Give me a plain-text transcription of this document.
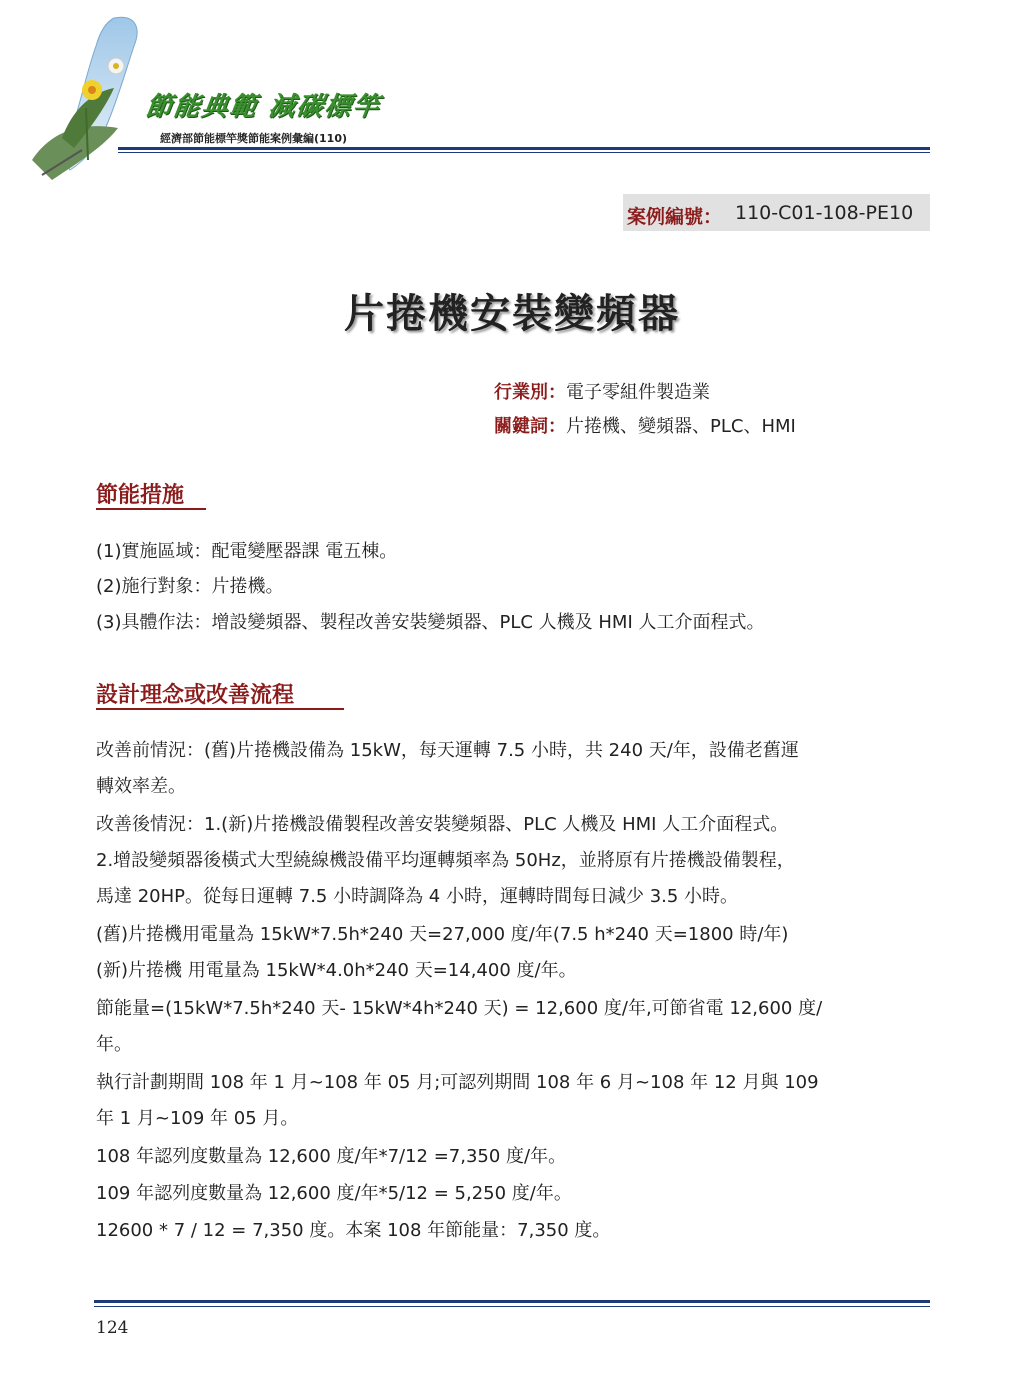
節能典範 減碳標竿
經濟部節能標竿獎節能案例彙編(110)
案例編號： 110-C01-108-PE10
片捲機安裝變頻器
行業別：電子零組件製造業
關鍵詞：片捲機、變頻器、PLC、HMI
節能措施
(1)實施區域：配電變壓器課 電五棟。
(2)施行對象：片捲機。
(3)具體作法：增設變頻器、製程改善安裝變頻器、PLC 人機及 HMI 人工介面程式。
設計理念或改善流程
改善前情況：(舊)片捲機設備為 15kW，每天運轉 7.5 小時，共 240 天/年，設備老舊運
轉效率差。
改善後情況：1.(新)片捲機設備製程改善安裝變頻器、PLC 人機及 HMI 人工介面程式。
2.增設變頻器後橫式大型繞線機設備平均運轉頻率為 50Hz，並將原有片捲機設備製程，
馬達 20HP。從每日運轉 7.5 小時調降為 4 小時，運轉時間每日減少 3.5 小時。
(舊)片捲機用電量為 15kW*7.5h*240 天=27,000 度/年(7.5 h*240 天=1800 時/年)
(新)片捲機 用電量為 15kW*4.0h*240 天=14,400 度/年。
節能量=(15kW*7.5h*240 天- 15kW*4h*240 天) = 12,600 度/年,可節省電 12,600 度/
年。
執行計劃期間 108 年 1 月~108 年 05 月;可認列期間 108 年 6 月~108 年 12 月與 109
年 1 月~109 年 05 月。
108 年認列度數量為 12,600 度/年*7/12 =7,350 度/年。
109 年認列度數量為 12,600 度/年*5/12 = 5,250 度/年。
12600 * 7 / 12 = 7,350 度。本案 108 年節能量：7,350 度。
124
